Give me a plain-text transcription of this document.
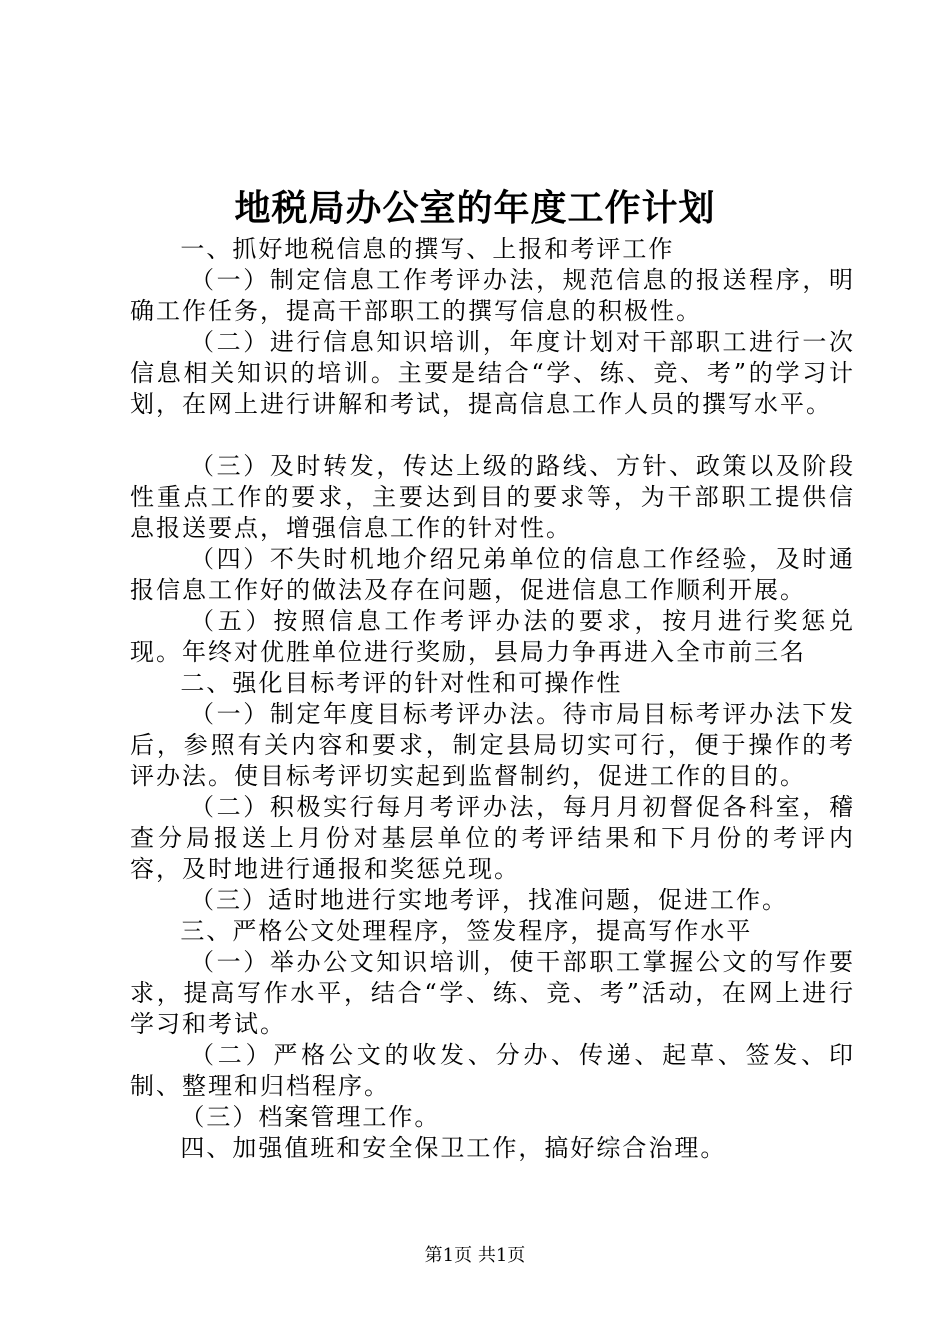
地税局办公室的年度工作计划

一、抓好地税信息的撰写、上报和考评工作

（一）制定信息工作考评办法，规范信息的报送程序，明确工作任务，提高干部职工的撰写信息的积极性。

（二）进行信息知识培训，年度计划对干部职工进行一次信息相关知识的培训。主要是结合“学、练、竞、考”的学习计划，在网上进行讲解和考试，提高信息工作人员的撰写水平。

（三）及时转发，传达上级的路线、方针、政策以及阶段性重点工作的要求，主要达到目的要求等，为干部职工提供信息报送要点，增强信息工作的针对性。

（四）不失时机地介绍兄弟单位的信息工作经验，及时通报信息工作好的做法及存在问题，促进信息工作顺利开展。

（五）按照信息工作考评办法的要求，按月进行奖惩兑现。年终对优胜单位进行奖励，县局力争再进入全市前三名

二、强化目标考评的针对性和可操作性

（一）制定年度目标考评办法。待市局目标考评办法下发后，参照有关内容和要求，制定县局切实可行，便于操作的考评办法。使目标考评切实起到监督制约，促进工作的目的。

（二）积极实行每月考评办法，每月月初督促各科室，稽查分局报送上月份对基层单位的考评结果和下月份的考评内容，及时地进行通报和奖惩兑现。

（三）适时地进行实地考评，找准问题，促进工作。

三、严格公文处理程序，签发程序，提高写作水平

（一）举办公文知识培训，使干部职工掌握公文的写作要求，提高写作水平，结合“学、练、竞、考”活动，在网上进行学习和考试。

（二）严格公文的收发、分办、传递、起草、签发、印制、整理和归档程序。

（三）档案管理工作。

四、加强值班和安全保卫工作，搞好综合治理。

第1页 共1页
